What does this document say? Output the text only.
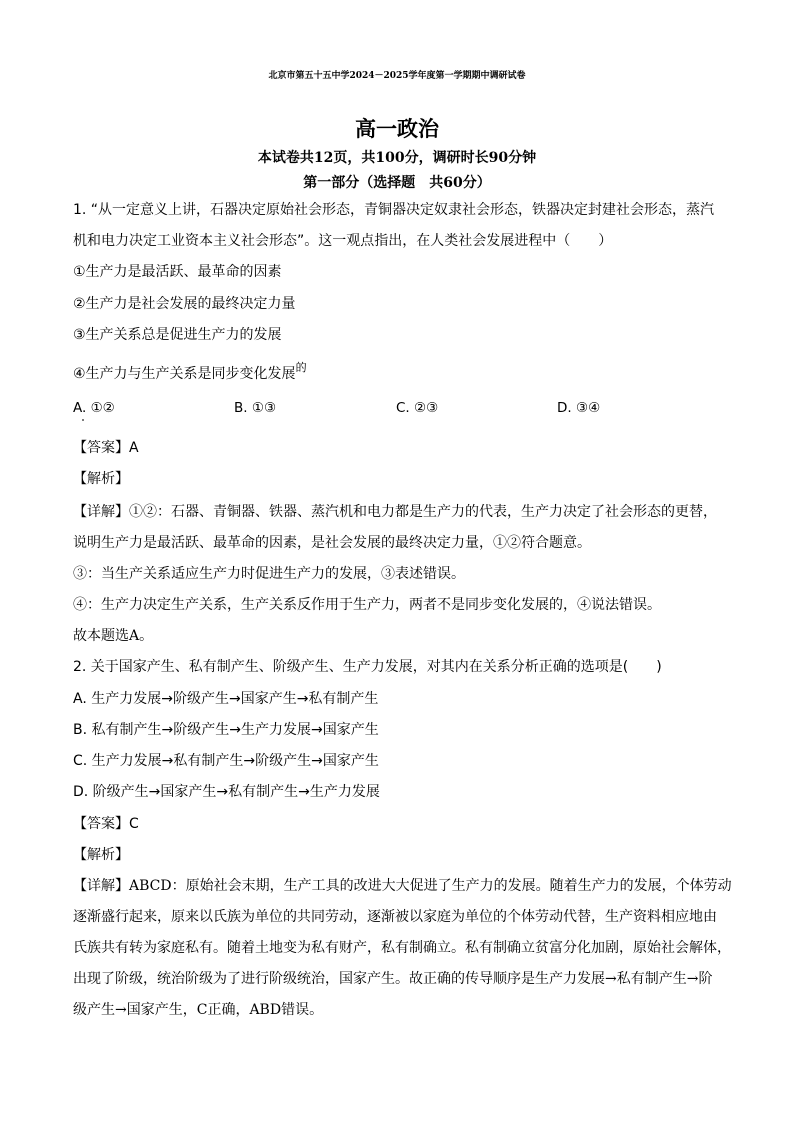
北京市第五十五中学2024－2025学年度第一学期期中调研试卷
高一政治
本试卷共12页，共100分，调研时长90分钟
第一部分（选择题　共60分）
1. “从一定意义上讲，石器决定原始社会形态，青铜器决定奴隶社会形态，铁器决定封建社会形态，蒸汽
机和电力决定工业资本主义社会形态”。这一观点指出，在人类社会发展进程中（　　）
①生产力是最活跃、最革命的因素
②生产力是社会发展的最终决定力量
③生产关系总是促进生产力的发展
④生产力与生产关系是同步变化发展$^的$
A. ①②	B. ①③	C. ②③	D. ③④
【答案】A
【解析】
【详解】①②：石器、青铜器、铁器、蒸汽机和电力都是生产力的代表，生产力决定了社会形态的更替，
说明生产力是最活跃、最革命的因素，是社会发展的最终决定力量，①②符合题意。
③：当生产关系适应生产力时促进生产力的发展，③表述错误。
④：生产力决定生产关系，生产关系反作用于生产力，两者不是同步变化发展的，④说法错误。
故本题选A。
2. 关于国家产生、私有制产生、阶级产生、生产力发展，对其内在关系分析正确的选项是(　　)
A. 生产力发展→阶级产生→国家产生→私有制产生
B. 私有制产生→阶级产生→生产力发展→国家产生
C. 生产力发展→私有制产生→阶级产生→国家产生
D. 阶级产生→国家产生→私有制产生→生产力发展
【答案】C
【解析】
【详解】ABCD：原始社会末期，生产工具的改进大大促进了生产力的发展。随着生产力的发展，个体劳动
逐渐盛行起来，原来以氏族为单位的共同劳动，逐渐被以家庭为单位的个体劳动代替，生产资料相应地由
氏族共有转为家庭私有。随着土地变为私有财产，私有制确立。私有制确立贫富分化加剧，原始社会解体，
出现了阶级，统治阶级为了进行阶级统治，国家产生。故正确的传导顺序是生产力发展→私有制产生→阶
级产生→国家产生，C正确，ABD错误。
